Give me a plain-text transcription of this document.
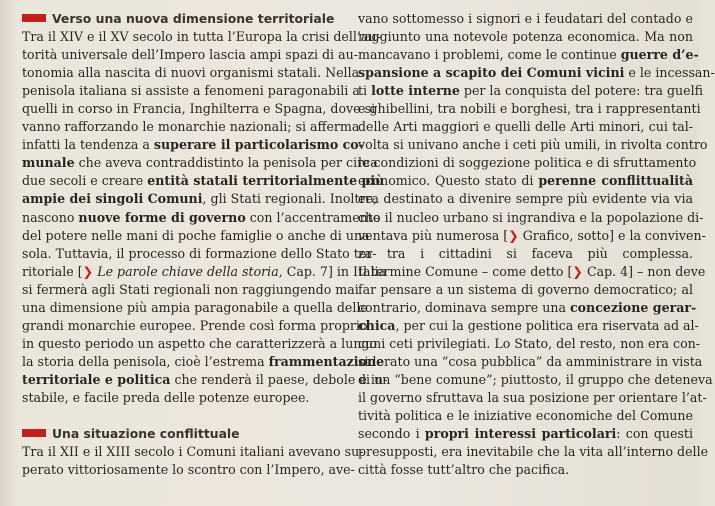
Verso una nuova dimensione territoriale
Tra il XIV e il XV secolo in tutta l’Europa la crisi dell’au-
torità universale dell’Impero lascia ampi spazi di au-
tonomia alla nascita di nuovi organismi statali. Nella
penisola italiana si assiste a fenomeni paragonabili a
quelli in corso in Francia, Inghilterra e Spagna, dove si
vanno rafforzando le monarchie nazionali; si afferma
infatti la tendenza a superare il particolarismo co-
munale che aveva contraddistinto la penisola per circa
due secoli e creare entità statali territorialmente più
ampie dei singoli Comuni, gli Stati regionali. Inoltre,
nascono nuove forme di governo con l’accentramento
del potere nelle mani di poche famiglie o anche di una
sola. Tuttavia, il processo di formazione dello Stato ter-
ritoriale [❯ Le parole chiave della storia, Cap. 7] in Italia
si fermerà agli Stati regionali non raggiungendo mai
una dimensione più ampia paragonabile a quella delle
grandi monarchie europee. Prende così forma proprio
in questo periodo un aspetto che caratterizzerà a lungo
la storia della penisola, cioè l’estrema frammentazione
territoriale e politica che renderà il paese, debole e in-
stabile, e facile preda delle potenze europee.
Una situazione conflittuale
Tra il XII e il XIII secolo i Comuni italiani avevano su-
perato vittoriosamente lo scontro con l’Impero, ave-
vano sottomesso i signori e i feudatari del contado e
raggiunto una notevole potenza economica. Ma non
mancavano i problemi, come le continue guerre d’e-
spansione a scapito dei Comuni vicini e le incessan-
ti lotte interne per la conquista del potere: tra guelfi
e ghibellini, tra nobili e borghesi, tra i rappresentanti
delle Arti maggiori e quelli delle Arti minori, cui tal-
volta si univano anche i ceti più umili, in rivolta contro
le condizioni di soggezione politica e di sfruttamento
economico. Questo stato di perenne conflittualità
era destinato a divenire sempre più evidente via via
che il nucleo urbano si ingrandiva e la popolazione di-
ventava più numerosa [❯ Grafico, sotto] e la conviven-
za tra i cittadini si faceva più complessa.
Il termine Comune – come detto [❯ Cap. 4] – non deve
far pensare a un sistema di governo democratico; al
contrario, dominava sempre una concezione gerar-
chica, per cui la gestione politica era riservata ad al-
cuni ceti privilegiati. Lo Stato, del resto, non era con-
siderato una “cosa pubblica” da amministrare in vista
di un “bene comune”; piuttosto, il gruppo che deteneva
il governo sfruttava la sua posizione per orientare l’at-
tività politica e le iniziative economiche del Comune
secondo i propri interessi particolari: con questi
presupposti, era inevitabile che la vita all’interno delle
città fosse tutt’altro che pacifica.
